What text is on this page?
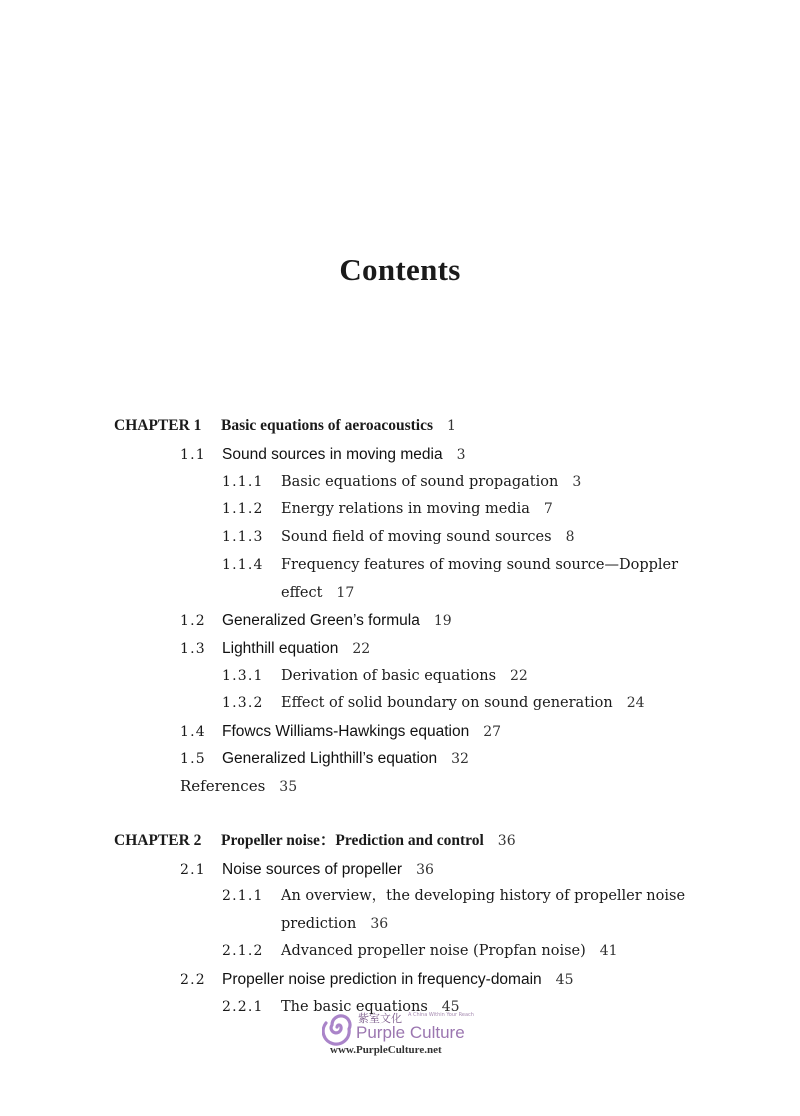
Contents
CHAPTER 1 Basic equations of aeroacoustics 1
1.1 Sound sources in moving media 3
1.1.1 Basic equations of sound propagation 3
1.1.2 Energy relations in moving media 7
1.1.3 Sound field of moving sound sources 8
1.1.4 Frequency features of moving sound source—Doppler
effect 17
1.2 Generalized Green’s formula 19
1.3 Lighthill equation 22
1.3.1 Derivation of basic equations 22
1.3.2 Effect of solid boundary on sound generation 24
1.4 Ffowcs Williams-Hawkings equation 27
1.5 Generalized Lighthill’s equation 32
References 35
CHAPTER 2 Propeller noise：Prediction and control 36
2.1 Noise sources of propeller 36
2.1.1 An overview，the developing history of propeller noise
prediction 36
2.1.2 Advanced propeller noise (Propfan noise) 41
2.2 Propeller noise prediction in frequency-domain 45
2.2.1 The basic equations 45
紫室文化 A China Within Your Reach
Purple Culture
www.PurpleCulture.net
